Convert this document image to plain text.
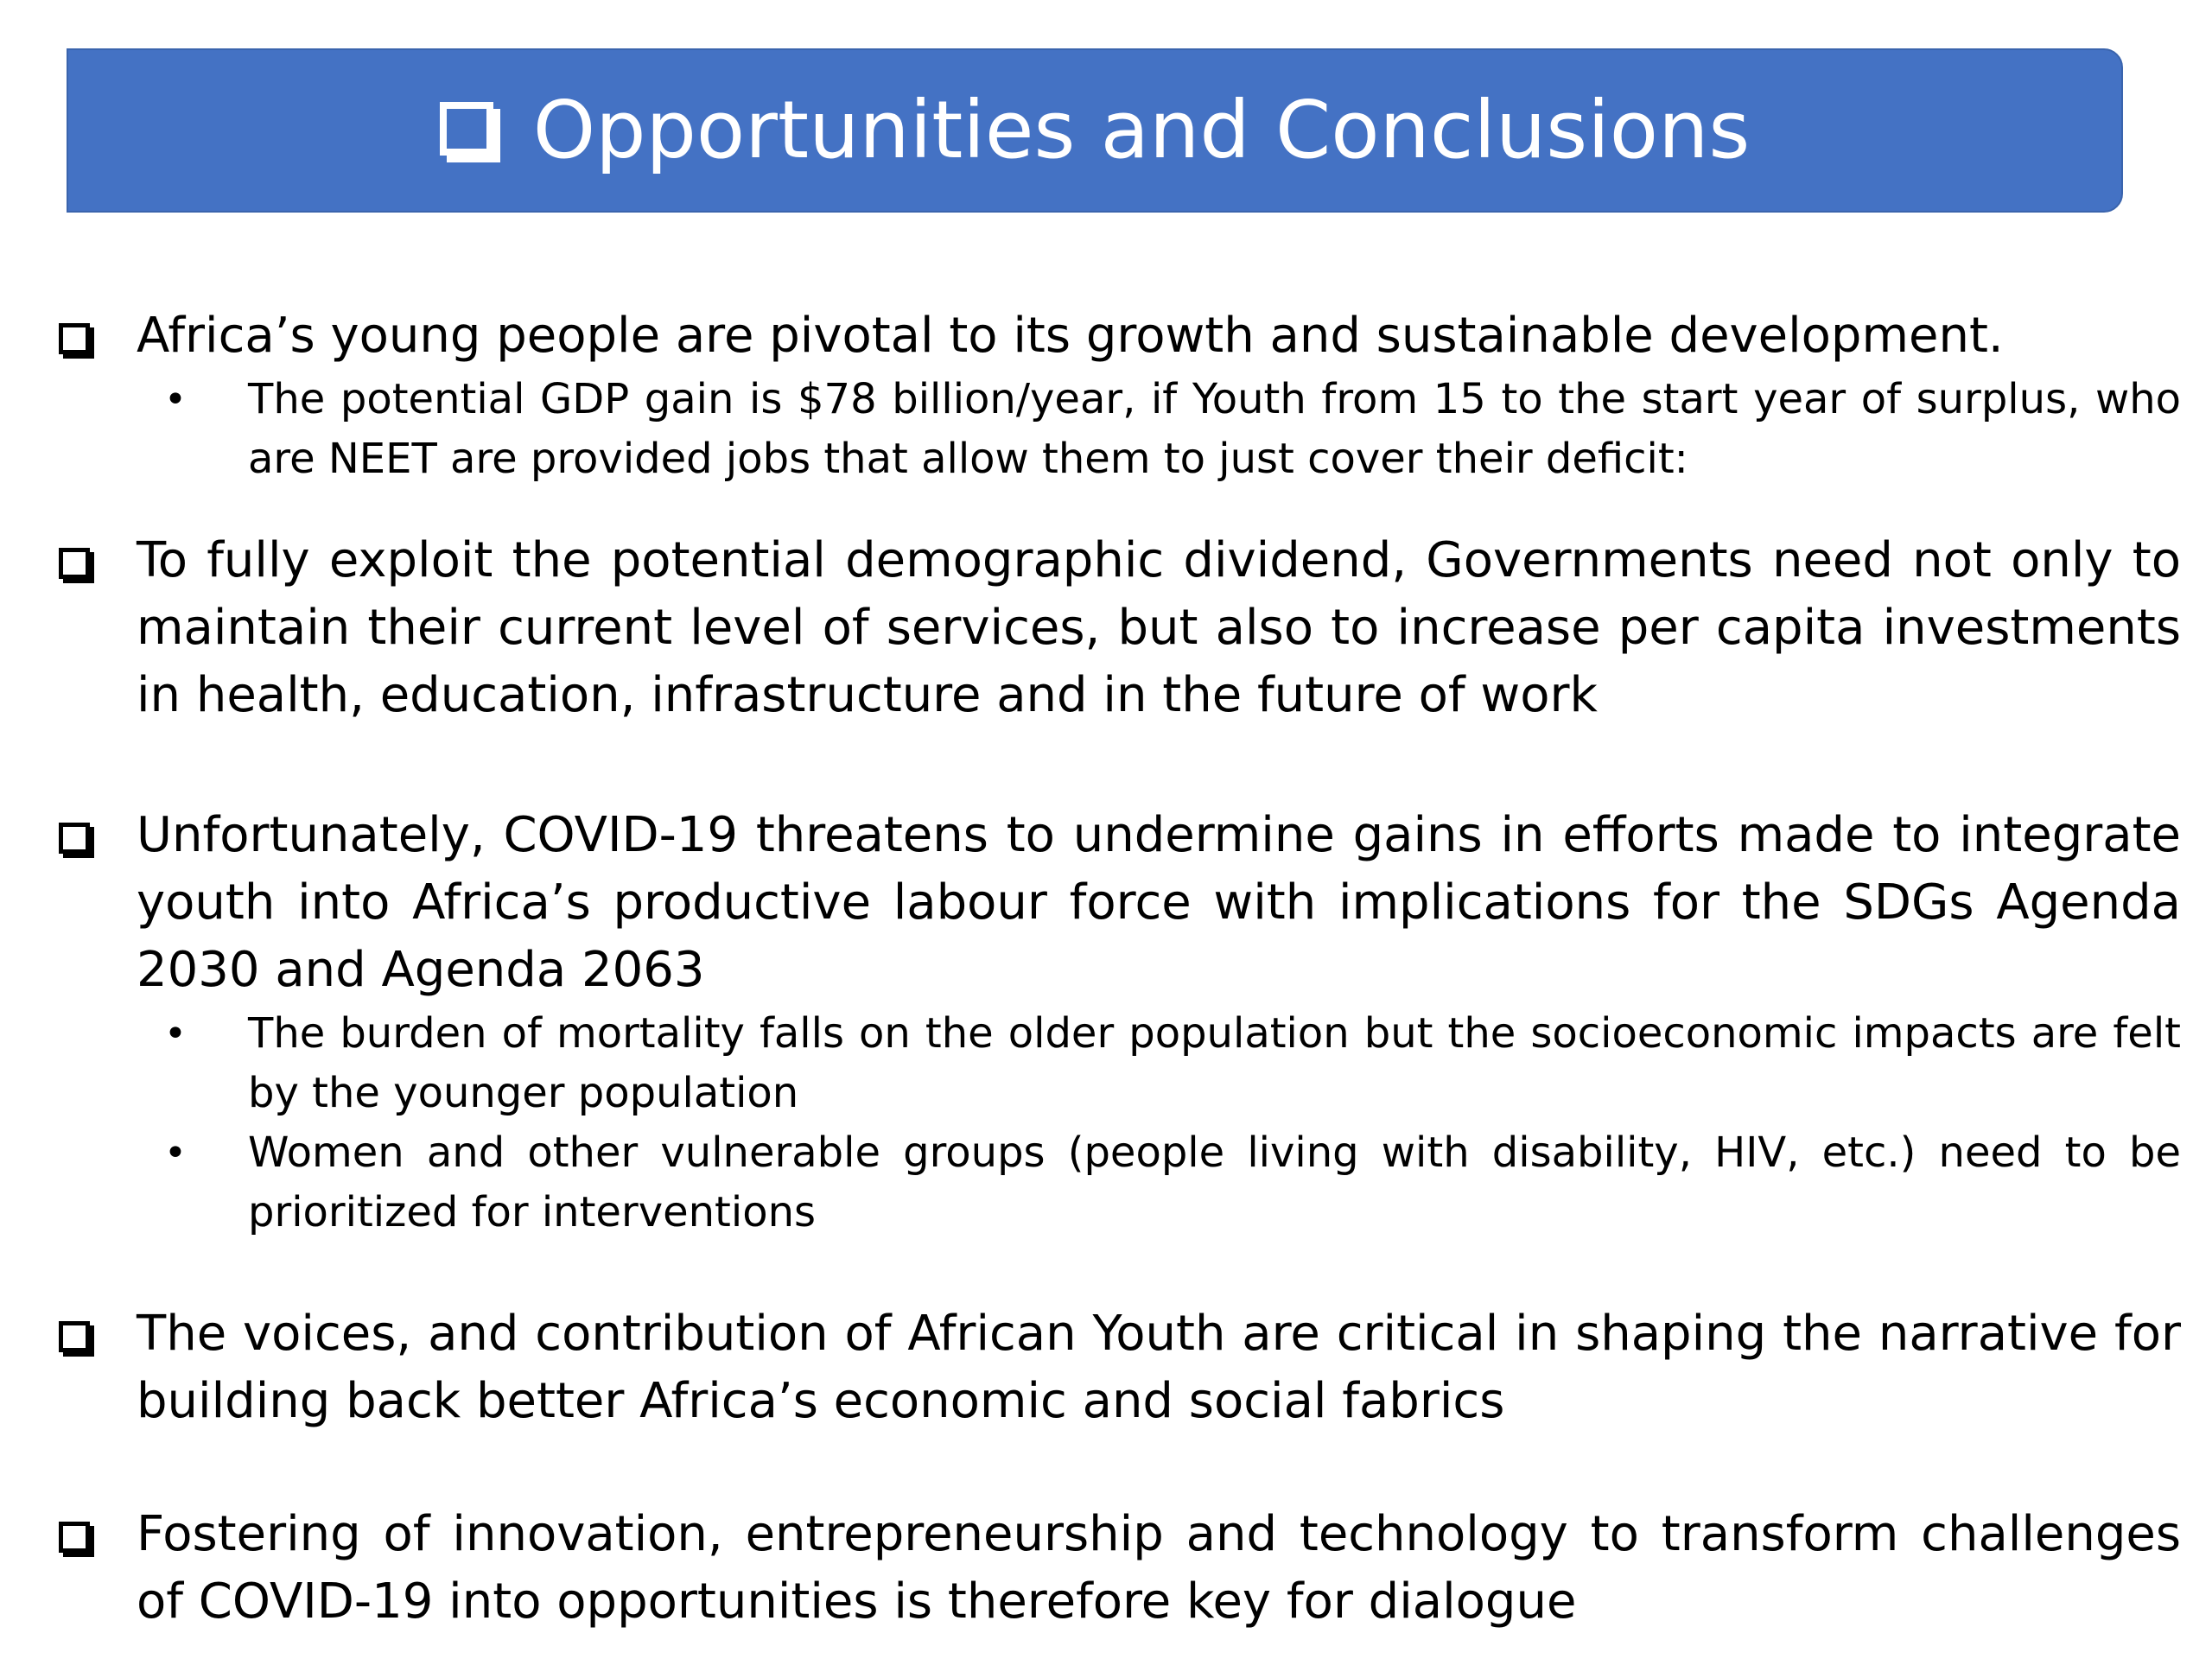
Opportunities and Conclusions
Africa’s young people are pivotal to its growth and sustainable development.
• The potential GDP gain is $78 billion/year, if Youth from 15 to the start year of surplus, who are NEET are provided jobs that allow them to just cover their deficit:
To fully exploit the potential demographic dividend, Governments need not only to maintain their current level of services, but also to increase per capita investments in health, education, infrastructure and in the future of work
Unfortunately, COVID-19 threatens to undermine gains in efforts made to integrate youth into Africa’s productive labour force with implications for the SDGs Agenda 2030 and Agenda 2063
• The burden of mortality falls on the older population but the socioeconomic impacts are felt by the younger population
• Women and other vulnerable groups (people living with disability, HIV, etc.) need to be prioritized for interventions
The voices, and contribution of African Youth are critical in shaping the narrative for building back better Africa’s economic and social fabrics
Fostering of innovation, entrepreneurship and technology to transform challenges of COVID-19 into opportunities is therefore key for dialogue
